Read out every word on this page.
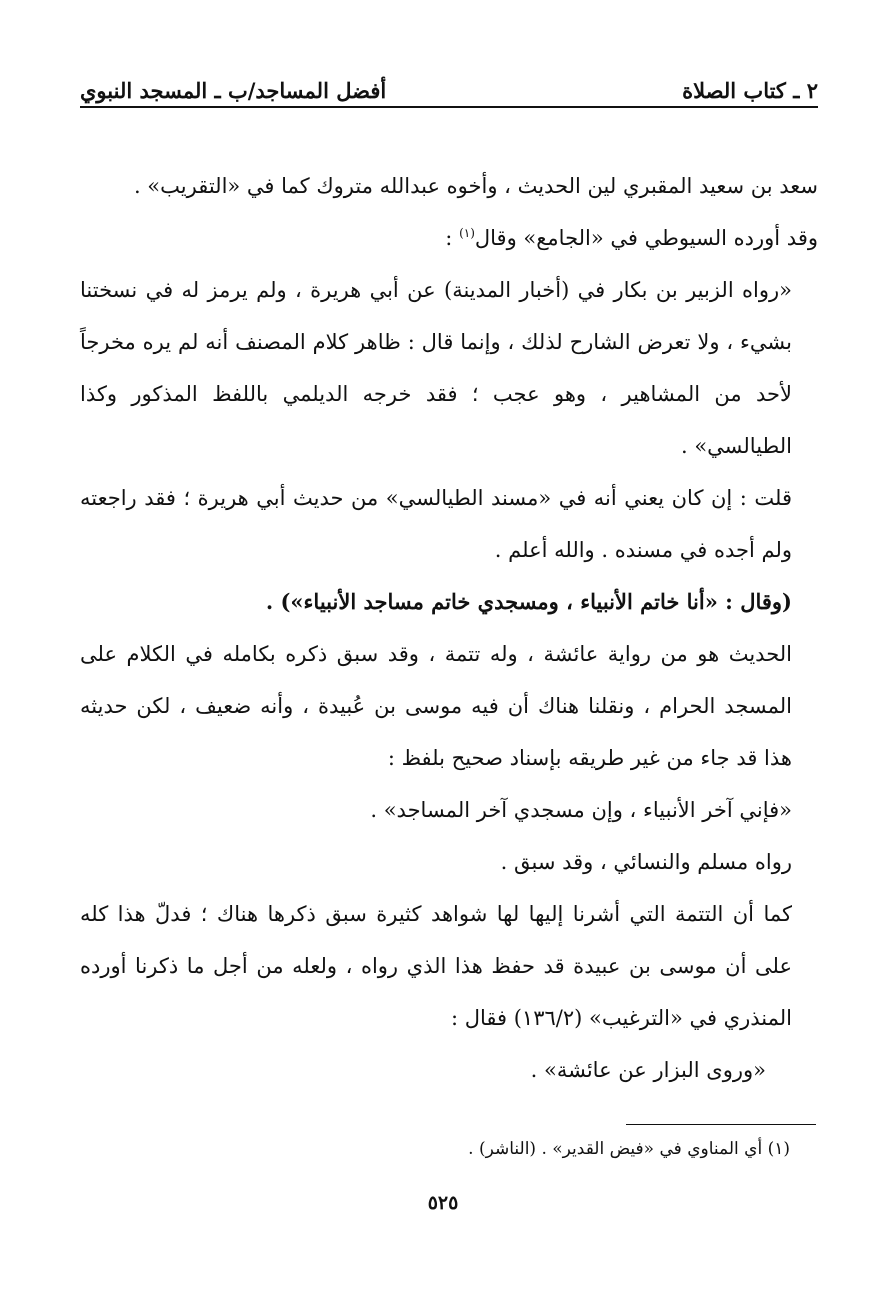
٢ ـ كتاب الصلاة
أفضل المساجد/ب ـ المسجد النبوي

سعد بن سعيد المقبري لين الحديث ، وأخوه عبدالله متروك كما في «التقريب» .

وقد أورده السيوطي في «الجامع» وقال$^{(١)}$ :

«رواه الزبير بن بكار في (أخبار المدينة) عن أبي هريرة ، ولم يرمز له في نسختنا بشيء ، ولا تعرض الشارح لذلك ، وإنما قال : ظاهر كلام المصنف أنه لم يره مخرجاً لأحد من المشاهير ، وهو عجب ؛ فقد خرجه الديلمي باللفظ المذكور وكذا الطيالسي» .

قلت : إن كان يعني أنه في «مسند الطيالسي» من حديث أبي هريرة ؛ فقد راجعته ولم أجده في مسنده . والله أعلم .

(وقال : «أنا خاتم الأنبياء ، ومسجدي خاتم مساجد الأنبياء») .

الحديث هو من رواية عائشة ، وله تتمة ، وقد سبق ذكره بكامله في الكلام على المسجد الحرام ، ونقلنا هناك أن فيه موسى بن عُبيدة ، وأنه ضعيف ، لكن حديثه هذا قد جاء من غير طريقه بإسناد صحيح بلفظ :

«فإني آخر الأنبياء ، وإن مسجدي آخر المساجد» .

رواه مسلم والنسائي ، وقد سبق .

كما أن التتمة التي أشرنا إليها لها شواهد كثيرة سبق ذكرها هناك ؛ فدلّ هذا كله على أن موسى بن عبيدة قد حفظ هذا الذي رواه ، ولعله من أجل ما ذكرنا أورده المنذري في «الترغيب» (١٣٦/٢) فقال :

«وروى البزار عن عائشة» .

(١) أي المناوي في «فيض القدير» . (الناشر) .
٥٢٥
